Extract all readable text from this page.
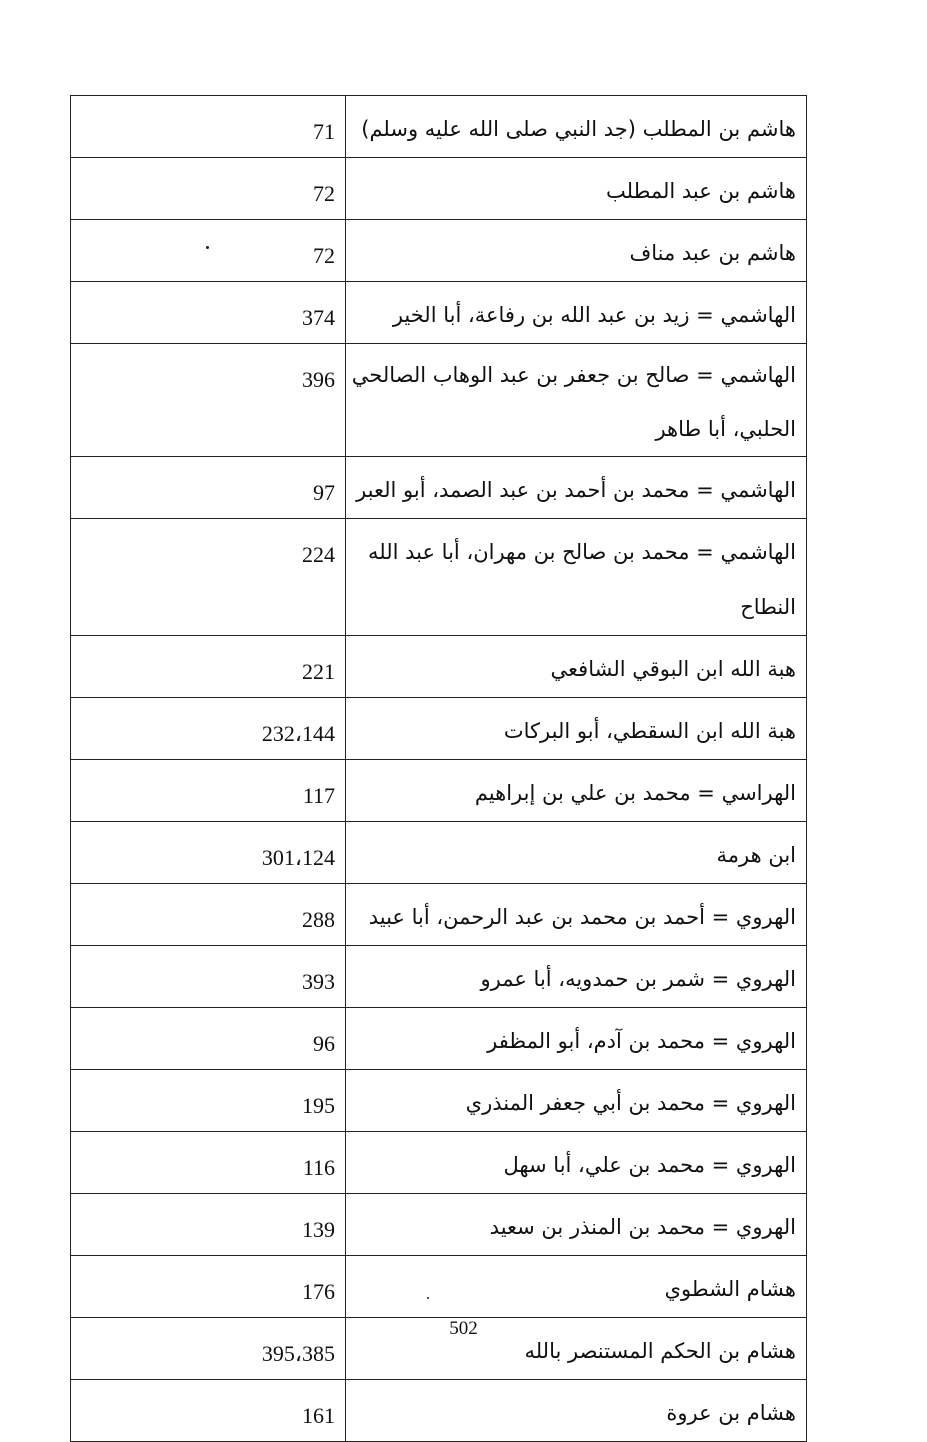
71	هاشم بن المطلب (جد النبي صلى الله عليه وسلم)

72	هاشم بن عبد المطلب

72	هاشم بن عبد مناف

374	الهاشمي = زيد بن عبد الله بن رفاعة، أبا الخير

396	الهاشمي = صالح بن جعفر بن عبد الوهاب الصالحي الحلبي، أبا طاهر

97	الهاشمي = محمد بن أحمد بن عبد الصمد، أبو العبر

224	الهاشمي = محمد بن صالح بن مهران، أبا عبد الله النطاح

221	هبة الله ابن البوقي الشافعي

232،144	هبة الله ابن السقطي، أبو البركات

117	الهراسي = محمد بن علي بن إبراهيم

301،124	ابن هرمة

288	الهروي = أحمد بن محمد بن عبد الرحمن، أبا عبيد

393	الهروي = شمر بن حمدويه، أبا عمرو

96	الهروي = محمد بن آدم، أبو المظفر

195	الهروي = محمد بن أبي جعفر المنذري

116	الهروي = محمد بن علي، أبا سهل

139	الهروي = محمد بن المنذر بن سعيد

176	هشام الشطوي

395،385	هشام بن الحكم المستنصر بالله

161	هشام بن عروة
502
